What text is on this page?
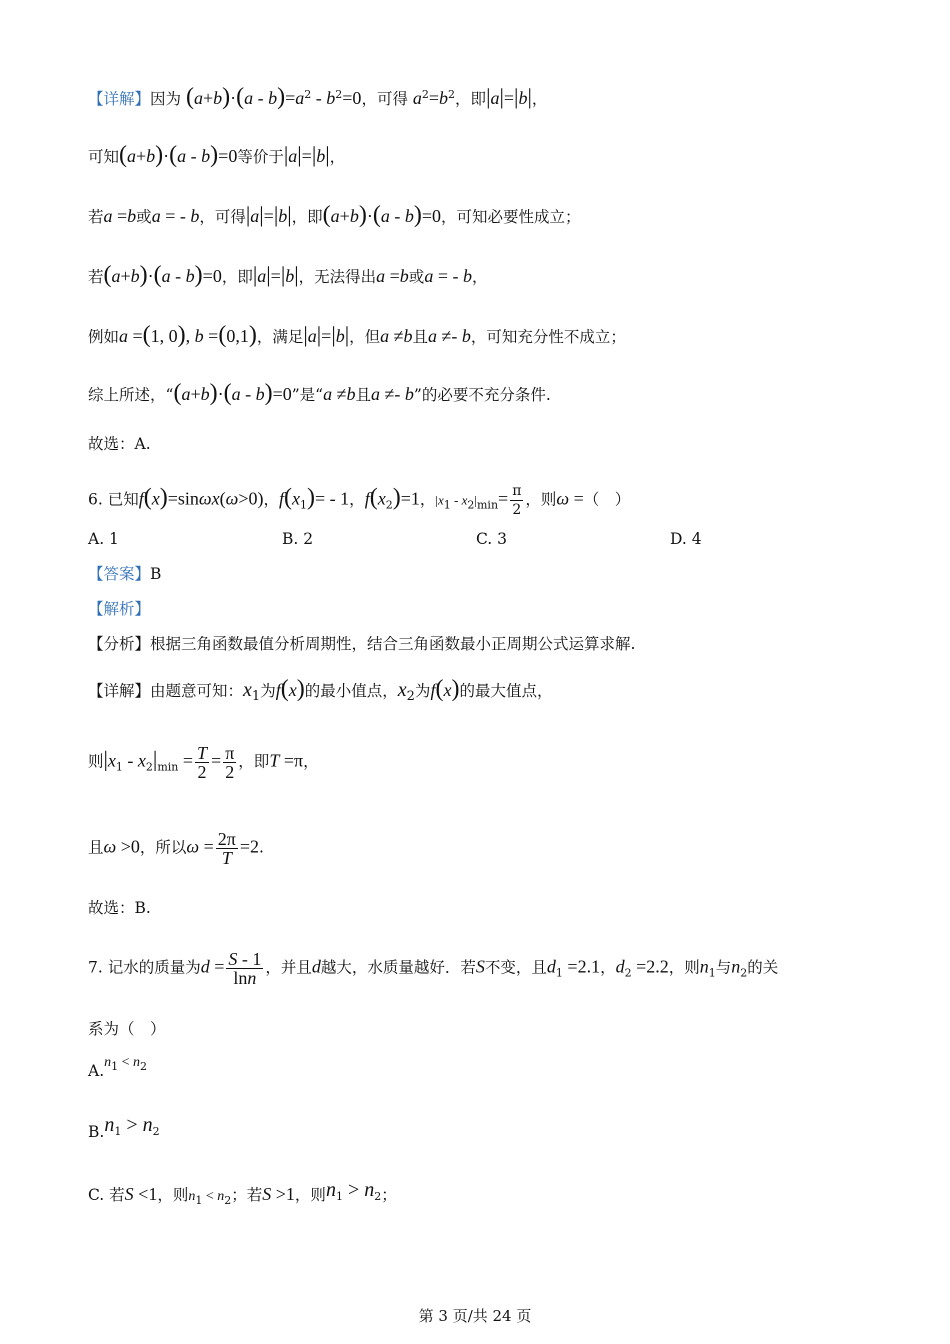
【详解】因为 $(a+b)\cdot(a - b)=a^2 - b^2=0$，可得 $a^2=b^2$，即|a|=|b|，
可知(a+b)·(a - b)=0等价于|a|=|b|，
若a =b或a = - b，可得|a|=|b|，即(a+b)·(a - b)=0，可知必要性成立；
若(a+b)·(a - b)=0，即|a|=|b|，无法得出a =b或a = - b，
例如a =(1, 0), b =(0,1)，满足|a|=|b|，但a ≠b且a ≠- b，可知充分性不成立；
综上所述，“(a+b)·(a - b)=0”是“a ≠b且a ≠- b”的必要不充分条件.
故选：A.
6. 已知f(x)=sinωx(ω>0)，$f(x_1)= - 1$，$f(x_2)=1$，$|x_1 - x_2|_{min}= \frac{\pi}{2}$ ，则ω =（　）
A. 1	B. 2	C. 3	D. 4
【答案】B
【解析】
【分析】根据三角函数最值分析周期性，结合三角函数最小正周期公式运算求解.
【详解】由题意可知：$x_1$为f(x)的最小值点，$x_2$为f(x)的最大值点，
则$|x_1 - x_2|_{min} = \frac{T}{2} = \frac{\pi}{2}$ ，即T =π，
且ω >0，所以$\omega = \frac{2\pi}{T} =2$.
故选：B.
7. 记水的质量为$d = \frac{S - 1}{\ln n}$ ，并且d越大，水质量越好．若S不变，且$d_1 =2.1$，$d_2 =2.2$，则$n_1$与$n_2$的关
系为（　）
$A.n_1 < n_2$
$B.n_1 > n_2$
C. 若S <1，则$n_1 < n_2$；若S >1，则$n_1 > n_2$；
第 3 页/共 24 页
